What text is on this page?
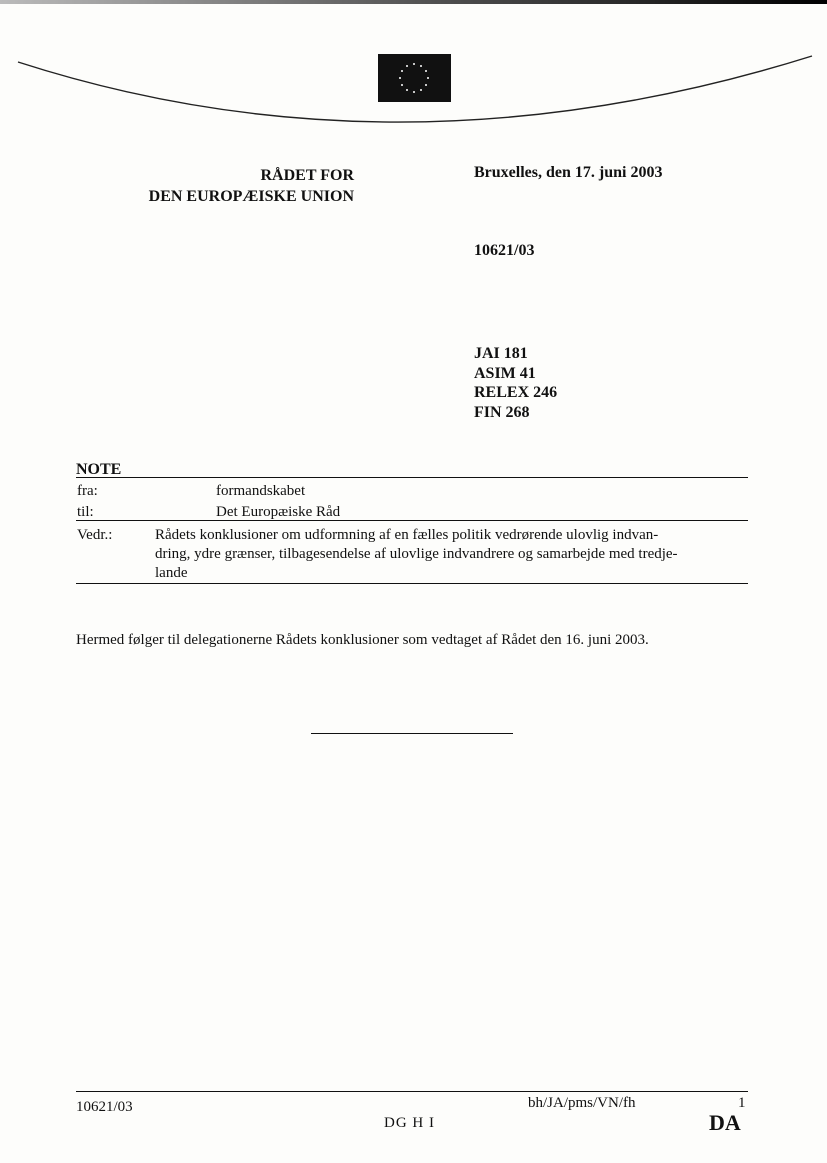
RÅDET FOR
DEN EUROPÆISKE UNION
Bruxelles, den 17. juni 2003
10621/03
JAI 181
ASIM 41
RELEX 246
FIN 268
NOTE
fra:	formandskabet
til:	Det Europæiske Råd
Vedr.:	Rådets konklusioner om udformning af en fælles politik vedrørende ulovlig indvan-
dring, ydre grænser, tilbagesendelse af ulovlige indvandrere og samarbejde med tredje-
lande
Hermed følger til delegationerne Rådets konklusioner som vedtaget af Rådet den 16. juni 2003.
10621/03
DG H I
bh/JA/pms/VN/fh	1
DA
